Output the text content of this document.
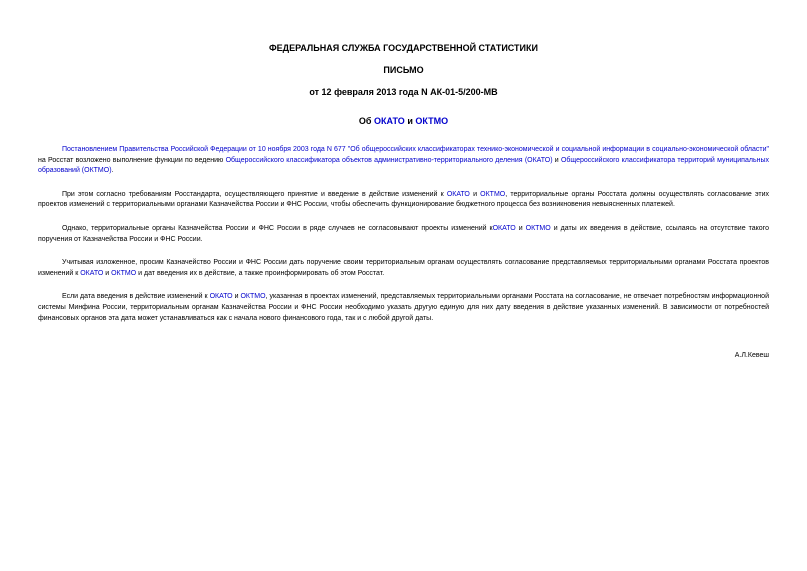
ФЕДЕРАЛЬНАЯ СЛУЖБА ГОСУДАРСТВЕННОЙ СТАТИСТИКИ
ПИСЬМО
от 12 февраля 2013 года N АК-01-5/200-МВ
Об ОКАТО и ОКТМО

Постановлением Правительства Российской Федерации от 10 ноября 2003 года N 677 "Об общероссийских классификаторах технико-экономической и социальной информации в социально-экономической области" на Росстат возложено выполнение функции по ведению Общероссийского классификатора объектов административно-территориального деления (ОКАТО) и Общероссийского классификатора территорий муниципальных образований (ОКТМО).

При этом согласно требованиям Росстандарта, осуществляющего принятие и введение в действие изменений к ОКАТО и ОКТМО, территориальные органы Росстата должны осуществлять согласование этих проектов изменений с территориальными органами Казначейства России и ФНС России, чтобы обеспечить функционирование бюджетного процесса без возникновения невыясненных платежей.

Однако, территориальные органы Казначейства России и ФНС России в ряде случаев не согласовывают проекты изменений кОКАТО и ОКТМО и даты их введения в действие, ссылаясь на отсутствие такого поручения от Казначейства России и ФНС России.

Учитывая изложенное, просим Казначейство России и ФНС России дать поручение своим территориальным органам осуществлять согласование представляемых территориальными органами Росстата проектов изменений к ОКАТО и ОКТМО и дат введения их в действие, а также проинформировать об этом Росстат.

Если дата введения в действие изменений к ОКАТО и ОКТМО, указанная в проектах изменений, представляемых территориальными органами Росстата на согласование, не отвечает потребностям информационной системы Минфина России, территориальным органам Казначейства России и ФНС России необходимо указать другую единую для них дату введения в действие указанных изменений. В зависимости от потребностей финансовых органов эта дата может устанавливаться как с начала нового финансового года, так и с любой другой даты.

А.Л.Кевеш
